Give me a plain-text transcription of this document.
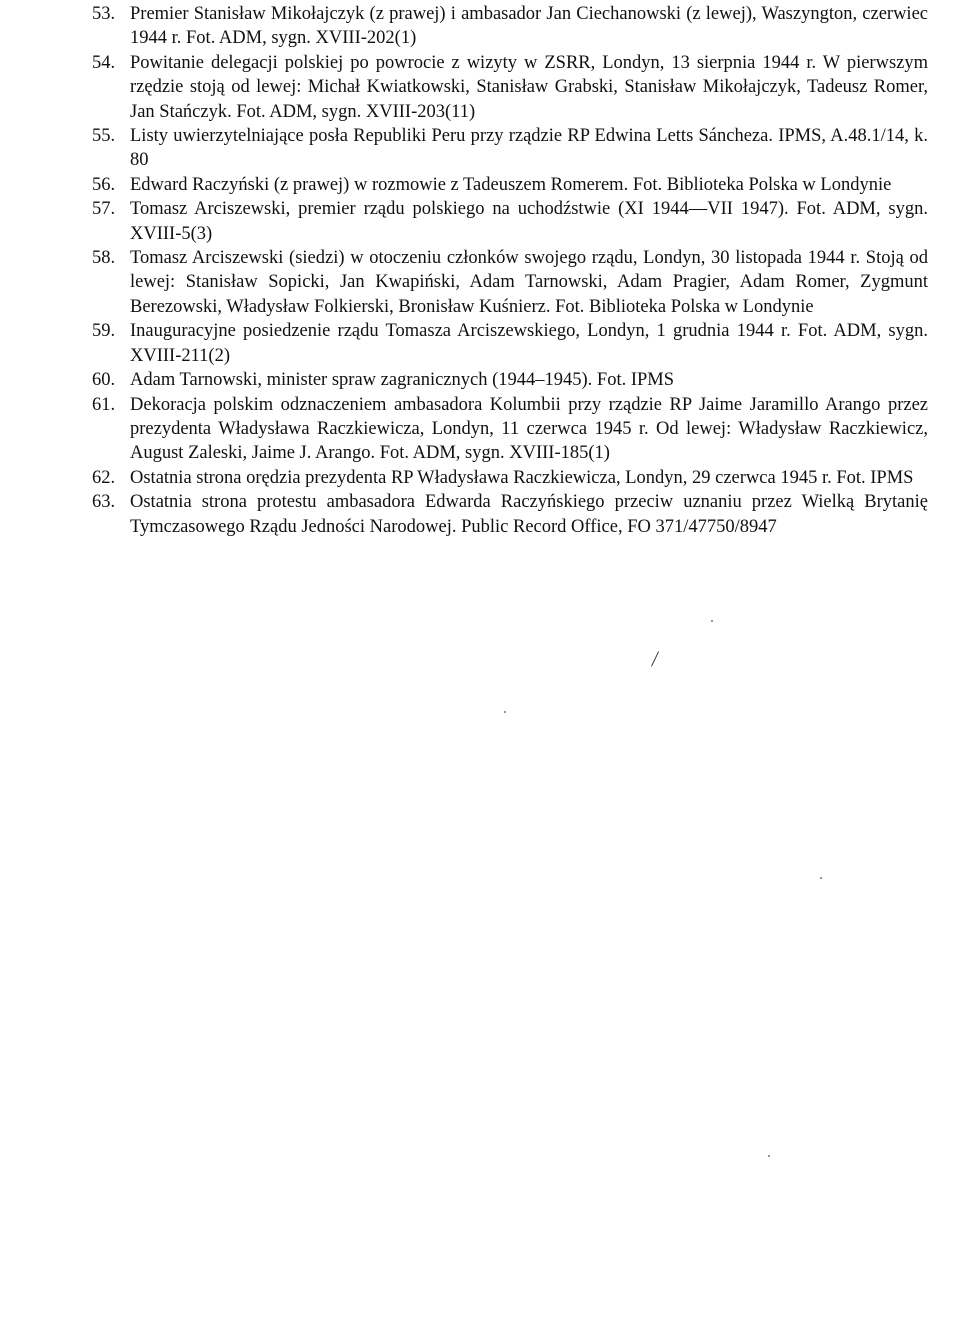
53. Premier Stanisław Mikołajczyk (z prawej) i ambasador Jan Ciechanowski (z lewej), Waszyngton, czerwiec 1944 r. Fot. ADM, sygn. XVIII-202(1)
54. Powitanie delegacji polskiej po powrocie z wizyty w ZSRR, Londyn, 13 sierpnia 1944 r. W pierwszym rzędzie stoją od lewej: Michał Kwiatkowski, Stanisław Grabski, Stanisław Mikołajczyk, Tadeusz Romer, Jan Stańczyk. Fot. ADM, sygn. XVIII-203(11)
55. Listy uwierzytelniające posła Republiki Peru przy rządzie RP Edwina Letts Sáncheza. IPMS, A.48.1/14, k. 80
56. Edward Raczyński (z prawej) w rozmowie z Tadeuszem Romerem. Fot. Biblioteka Polska w Londynie
57. Tomasz Arciszewski, premier rządu polskiego na uchodźstwie (XI 1944—VII 1947). Fot. ADM, sygn. XVIII-5(3)
58. Tomasz Arciszewski (siedzi) w otoczeniu członków swojego rządu, Londyn, 30 listopada 1944 r. Stoją od lewej: Stanisław Sopicki, Jan Kwapiński, Adam Tarnowski, Adam Pragier, Adam Romer, Zygmunt Berezowski, Władysław Folkierski, Bronisław Kuśnierz. Fot. Biblioteka Polska w Londynie
59. Inauguracyjne posiedzenie rządu Tomasza Arciszewskiego, Londyn, 1 grudnia 1944 r. Fot. ADM, sygn. XVIII-211(2)
60. Adam Tarnowski, minister spraw zagranicznych (1944–1945). Fot. IPMS
61. Dekoracja polskim odznaczeniem ambasadora Kolumbii przy rządzie RP Jaime Jaramillo Arango przez prezydenta Władysława Raczkiewicza, Londyn, 11 czerwca 1945 r. Od lewej: Władysław Raczkiewicz, August Zaleski, Jaime J. Arango. Fot. ADM, sygn. XVIII-185(1)
62. Ostatnia strona orędzia prezydenta RP Władysława Raczkiewicza, Londyn, 29 czerwca 1945 r. Fot. IPMS
63. Ostatnia strona protestu ambasadora Edwarda Raczyńskiego przeciw uznaniu przez Wielką Brytanię Tymczasowego Rządu Jedności Narodowej. Public Record Office, FO 371/47750/8947
/
